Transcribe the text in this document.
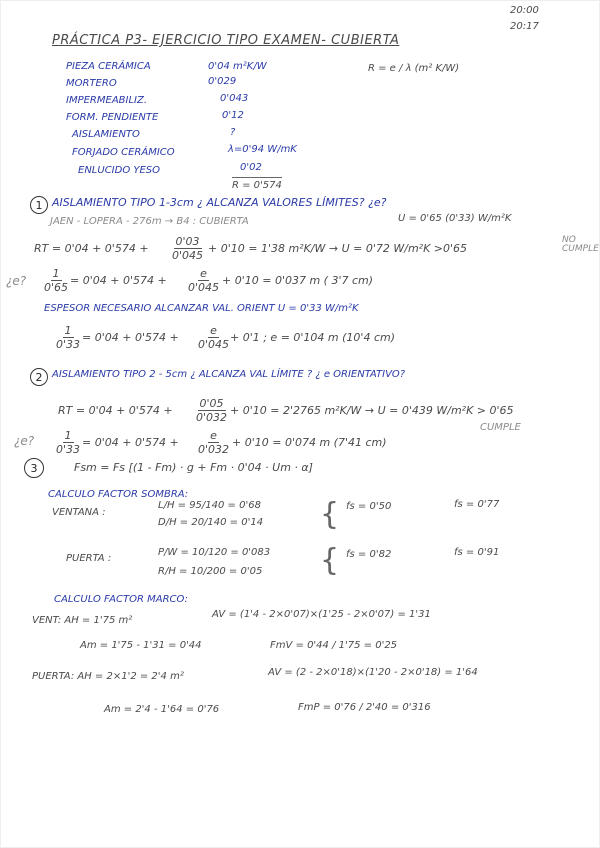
20:00
20:17
PRÁCTICA P3- EJERCICIO TIPO EXAMEN- CUBIERTA
PIEZA CERÁMICA	0'04 m²K/W
MORTERO	0'029
IMPERMEABILIZ.	0'043
FORM. PENDIENTE	0'12
AISLAMIENTO	?
FORJADO CERÁMICO	λ=0'94 W/mK
ENLUCIDO YESO	0'02
R = 0'574
R = e / λ (m² K/W)
1 AISLAMIENTO TIPO 1-3cm ¿ ALCANZA VALORES LÍMITES? ¿e?
JAEN - LOPERA - 276m → B4 : CUBIERTA	U = 0'65 (0'33) W/m²K
RT = $0'04 + 0'574 + \frac{0'03}{0'045} + 0'10 = 1'38$ m²K/W → U = 0'72 W/m²K >0'65
NO CUMPLE
¿e? $\frac{1}{0'65} = 0'04 + 0'574 + \frac{e}{0'045} + 0'10 = 0'037$ m ( 3'7 cm)
ESPESOR NECESARIO ALCANZAR VAL. ORIENT U = 0'33 W/m²K
$\frac{1}{0'33} = 0'04 + 0'574 + \frac{e}{0'045} + 0'1$ ; e = 0'104 m (10'4 cm)
2 AISLAMIENTO TIPO 2 - 5cm ¿ ALCANZA VAL LÍMITE ? ¿ e ORIENTATIVO?
RT = $0'04 + 0'574 + \frac{0'05}{0'032} + 0'10 = 2'2765$ m²K/W → U = 0'439 W/m²K > 0'65
CUMPLE
¿e? $\frac{1}{0'33} = 0'04 + 0'574 + \frac{e}{0'032} + 0'10 = 0'074$ m (7'41 cm)
3	Fsm = Fs [(1 - Fm) · g + Fm · 0'04 · Um · α]
CALCULO FACTOR SOMBRA:
VENTANA :
L/H = 95/140 = 0'68
D/H = 20/140 = 0'14 { fs = 0'50	fs = 0'77
PUERTA :
P/W = 10/120 = 0'083
R/H = 10/200 = 0'05 { fs = 0'82	fs = 0'91
CALCULO FACTOR MARCO:
VENT: AH = 1'75 m²
AV = (1'4 - 2×0'07)×(1'25 - 2×0'07) = 1'31
Am = 1'75 - 1'31 = 0'44	FmV = 0'44 / 1'75 = 0'25
PUERTA: AH = 2×1'2 = 2'4 m²	AV = (2 - 2×0'18)×(1'20 - 2×0'18) = 1'64
Am = 2'4 - 1'64 = 0'76	FmP = 0'76 / 2'40 = 0'316
